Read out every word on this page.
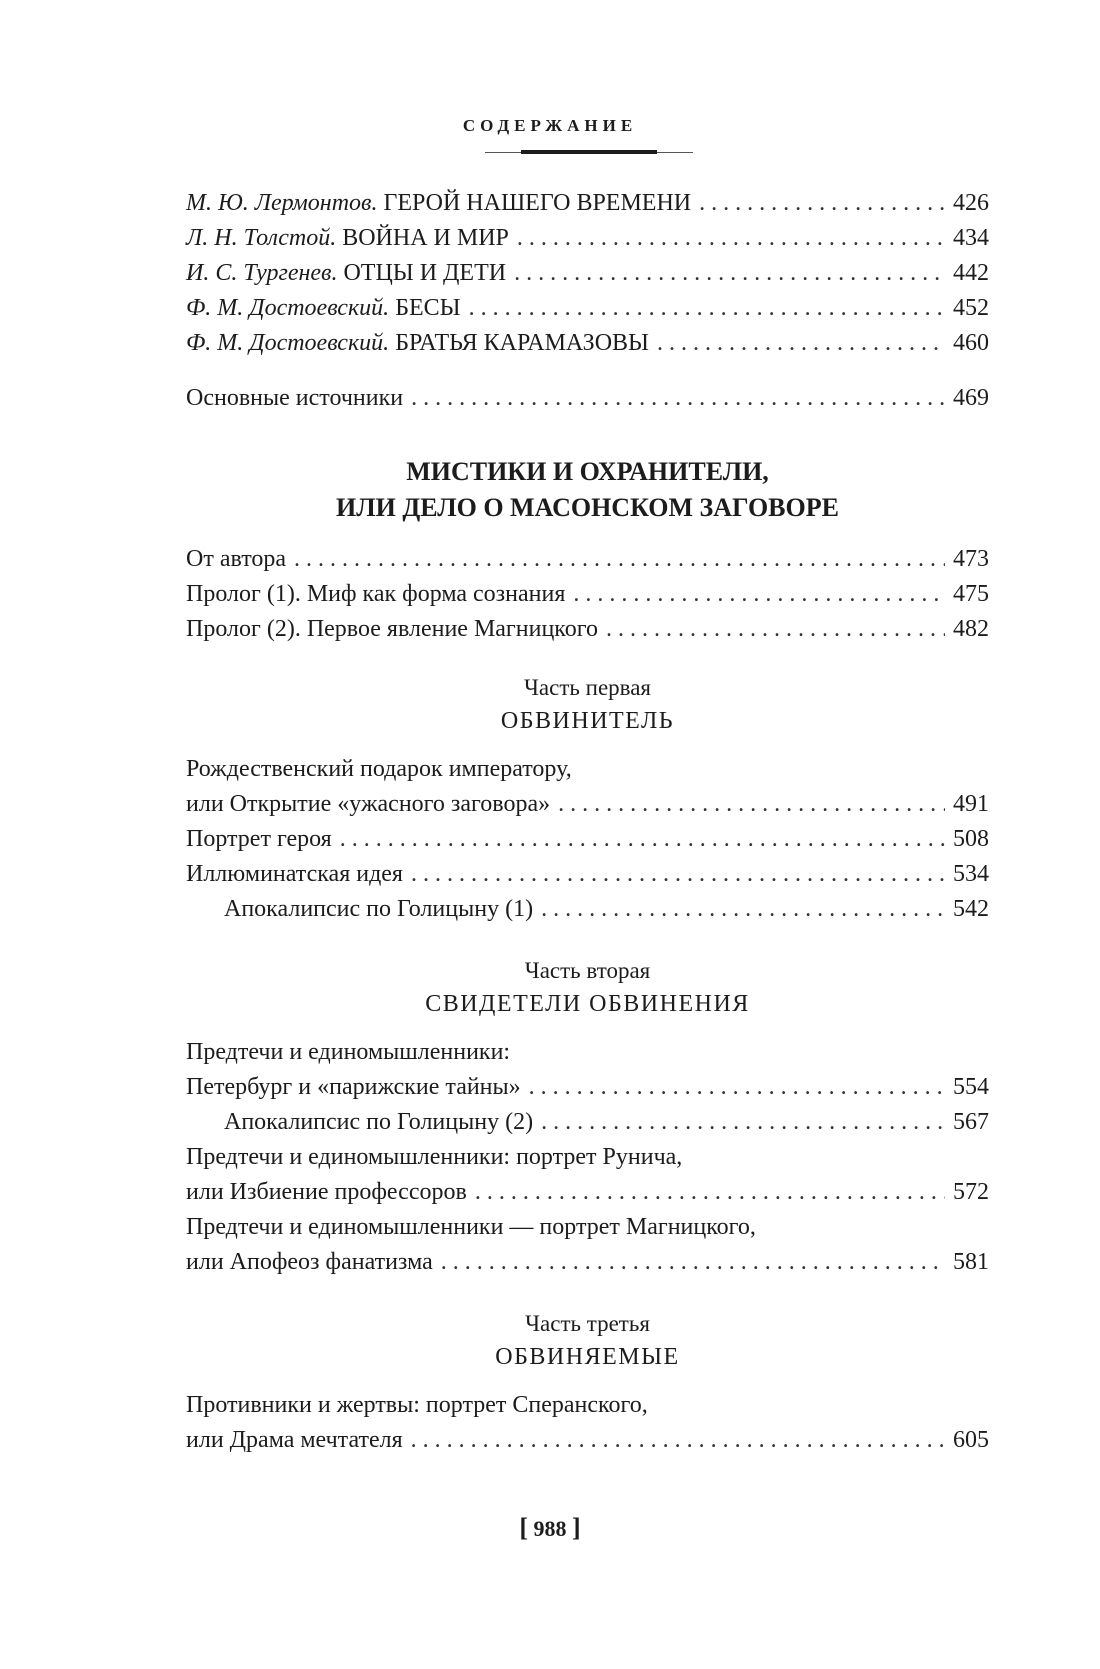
СОДЕРЖАНИЕ
М. Ю. Лермонтов.
ГЕРОЙ НАШЕГО ВРЕМЕНИ . . .	426
Л. Н. Толстой.
ВОЙНА И МИР . . .	434
И. С. Тургенев.
ОТЦЫ И ДЕТИ . . .	442
Ф. М. Достоевский.
БЕСЫ . . .	452
Ф. М. Достоевский.
БРАТЬЯ КАРАМАЗОВЫ . . .	460
Основные источники . . .	469
МИСТИКИ И ОХРАНИТЕЛИ,
ИЛИ ДЕЛО О МАСОНСКОМ ЗАГОВОРЕ
От автора . . .	473
Пролог (1). Миф как форма сознания . . .	475
Пролог (2). Первое явление Магницкого . . .	482
Часть первая
ОБВИНИТЕЛЬ
Рождественский подарок императору,
или Открытие «ужасного заговора» . . .	491
Портрет героя . . .	508
Иллюминатская идея . . .	534
Апокалипсис по Голицыну (1) . . .	542
Часть вторая
СВИДЕТЕЛИ ОБВИНЕНИЯ
Предтечи и единомышленники:
Петербург и «парижские тайны» . . .	554
Апокалипсис по Голицыну (2) . . .	567
Предтечи и единомышленники: портрет Рунича,
или Избиение профессоров . . .	572
Предтечи и единомышленники — портрет Магницкого,
или Апофеоз фанатизма . . .	581
Часть третья
ОБВИНЯЕМЫЕ
Противники и жертвы: портрет Сперанского,
или Драма мечтателя . . .	605
[ 988 ]
